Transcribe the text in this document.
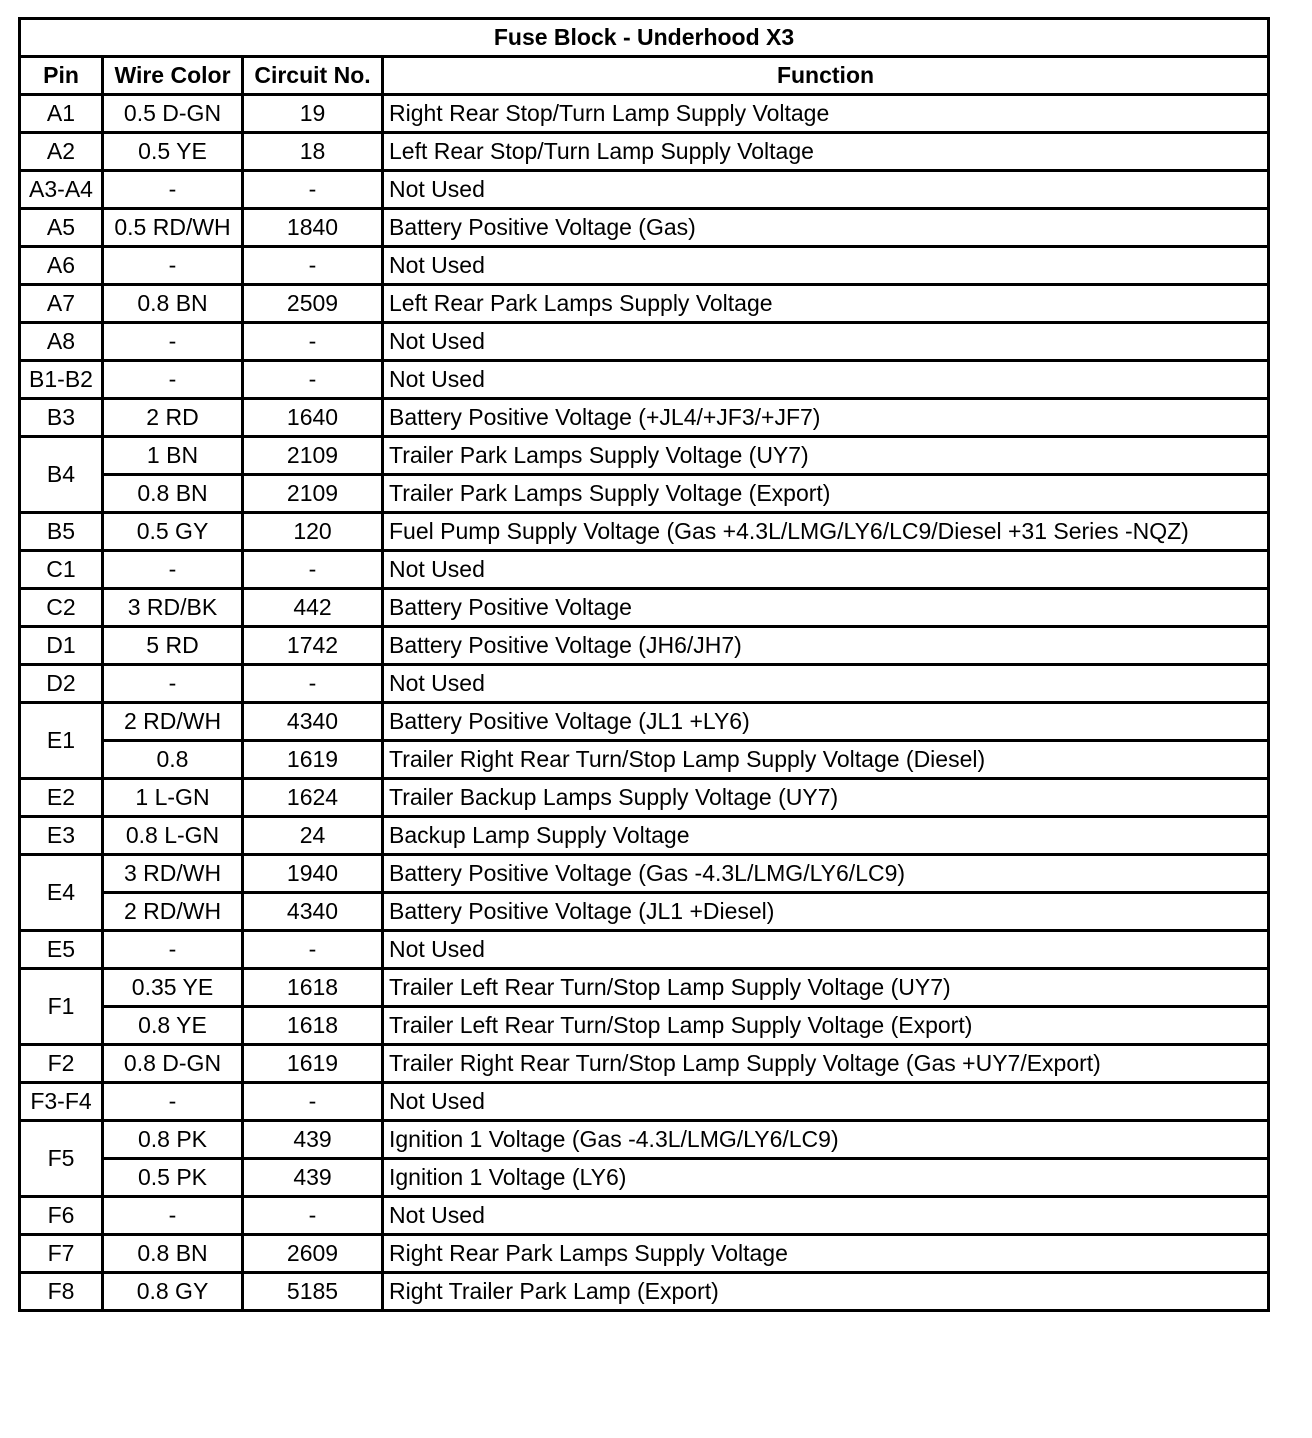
Fuse Block - Underhood X3			
Pin	Wire Color	Circuit No.	Function
A1	0.5 D-GN	19	Right Rear Stop/Turn Lamp Supply Voltage
A2	0.5 YE	18	Left Rear Stop/Turn Lamp Supply Voltage
A3-A4	-	-	Not Used
A5	0.5 RD/WH	1840	Battery Positive Voltage (Gas)
A6	-	-	Not Used
A7	0.8 BN	2509	Left Rear Park Lamps Supply Voltage
A8	-	-	Not Used
B1-B2	-	-	Not Used
B3	2 RD	1640	Battery Positive Voltage (+JL4/+JF3/+JF7)
B4	1 BN	2109	Trailer Park Lamps Supply Voltage (UY7)
	0.8 BN	2109	Trailer Park Lamps Supply Voltage (Export)
B5	0.5 GY	120	Fuel Pump Supply Voltage (Gas +4.3L/LMG/LY6/LC9/Diesel +31 Series -NQZ)
C1	-	-	Not Used
C2	3 RD/BK	442	Battery Positive Voltage
D1	5 RD	1742	Battery Positive Voltage (JH6/JH7)
D2	-	-	Not Used
E1	2 RD/WH	4340	Battery Positive Voltage (JL1 +LY6)
	0.8	1619	Trailer Right Rear Turn/Stop Lamp Supply Voltage (Diesel)
E2	1 L-GN	1624	Trailer Backup Lamps Supply Voltage (UY7)
E3	0.8 L-GN	24	Backup Lamp Supply Voltage
E4	3 RD/WH	1940	Battery Positive Voltage (Gas -4.3L/LMG/LY6/LC9)
	2 RD/WH	4340	Battery Positive Voltage (JL1 +Diesel)
E5	-	-	Not Used
F1	0.35 YE	1618	Trailer Left Rear Turn/Stop Lamp Supply Voltage (UY7)
	0.8 YE	1618	Trailer Left Rear Turn/Stop Lamp Supply Voltage (Export)
F2	0.8 D-GN	1619	Trailer Right Rear Turn/Stop Lamp Supply Voltage (Gas +UY7/Export)
F3-F4	-	-	Not Used
F5	0.8 PK	439	Ignition 1 Voltage (Gas -4.3L/LMG/LY6/LC9)
	0.5 PK	439	Ignition 1 Voltage (LY6)
F6	-	-	Not Used
F7	0.8 BN	2609	Right Rear Park Lamps Supply Voltage
F8	0.8 GY	5185	Right Trailer Park Lamp (Export)
